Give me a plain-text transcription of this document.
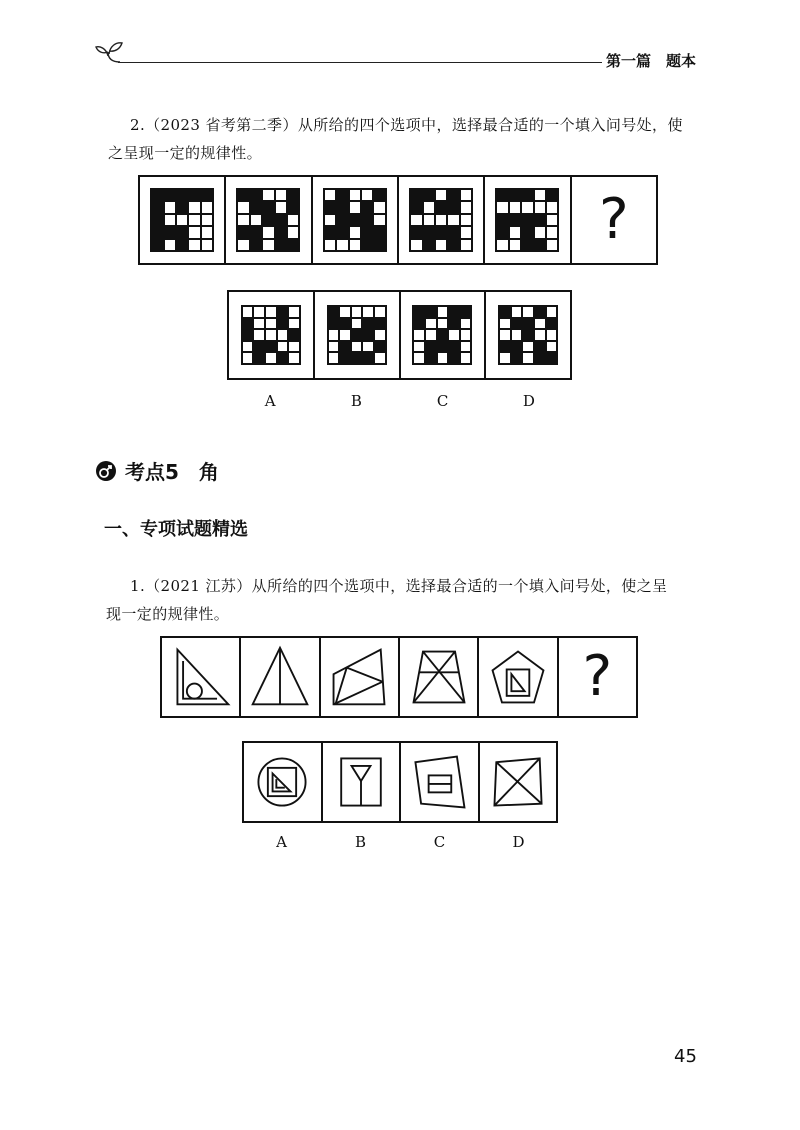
第一篇　题本
2.（2023 省考第二季）从所给的四个选项中，选择最合适的一个填入问号处，使
之呈现一定的规律性。
?
A	B	C	D
考点5　角
一、专项试题精选
1.（2021 江苏）从所给的四个选项中，选择最合适的一个填入问号处，使之呈
现一定的规律性。
?
A	B	C	D
45
